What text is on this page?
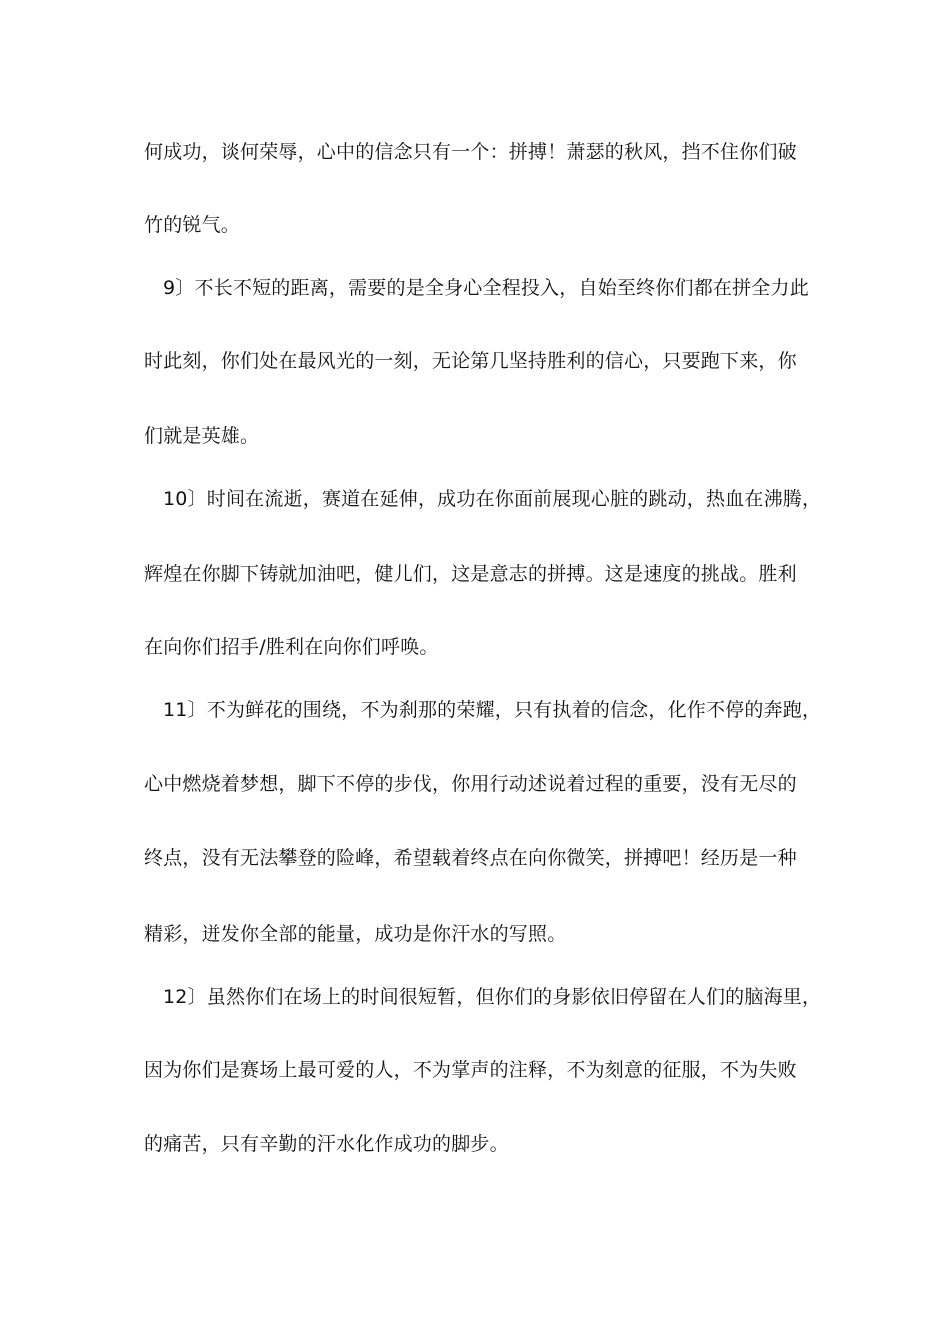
何成功，谈何荣辱，心中的信念只有一个：拼搏！萧瑟的秋风，挡不住你们破
竹的锐气。
9〕不长不短的距离，需要的是全身心全程投入，自始至终你们都在拼全力此
时此刻，你们处在最风光的一刻，无论第几坚持胜利的信心，只要跑下来，你
们就是英雄。
10〕时间在流逝，赛道在延伸，成功在你面前展现心脏的跳动，热血在沸腾，
辉煌在你脚下铸就加油吧，健儿们，这是意志的拼搏。这是速度的挑战。胜利
在向你们招手/胜利在向你们呼唤。
11〕不为鲜花的围绕，不为刹那的荣耀，只有执着的信念，化作不停的奔跑，
心中燃烧着梦想，脚下不停的步伐，你用行动述说着过程的重要，没有无尽的
终点，没有无法攀登的险峰，希望载着终点在向你微笑，拼搏吧！经历是一种
精彩，迸发你全部的能量，成功是你汗水的写照。
12〕虽然你们在场上的时间很短暂，但你们的身影依旧停留在人们的脑海里，
因为你们是赛场上最可爱的人，不为掌声的注释，不为刻意的征服，不为失败
的痛苦，只有辛勤的汗水化作成功的脚步。
